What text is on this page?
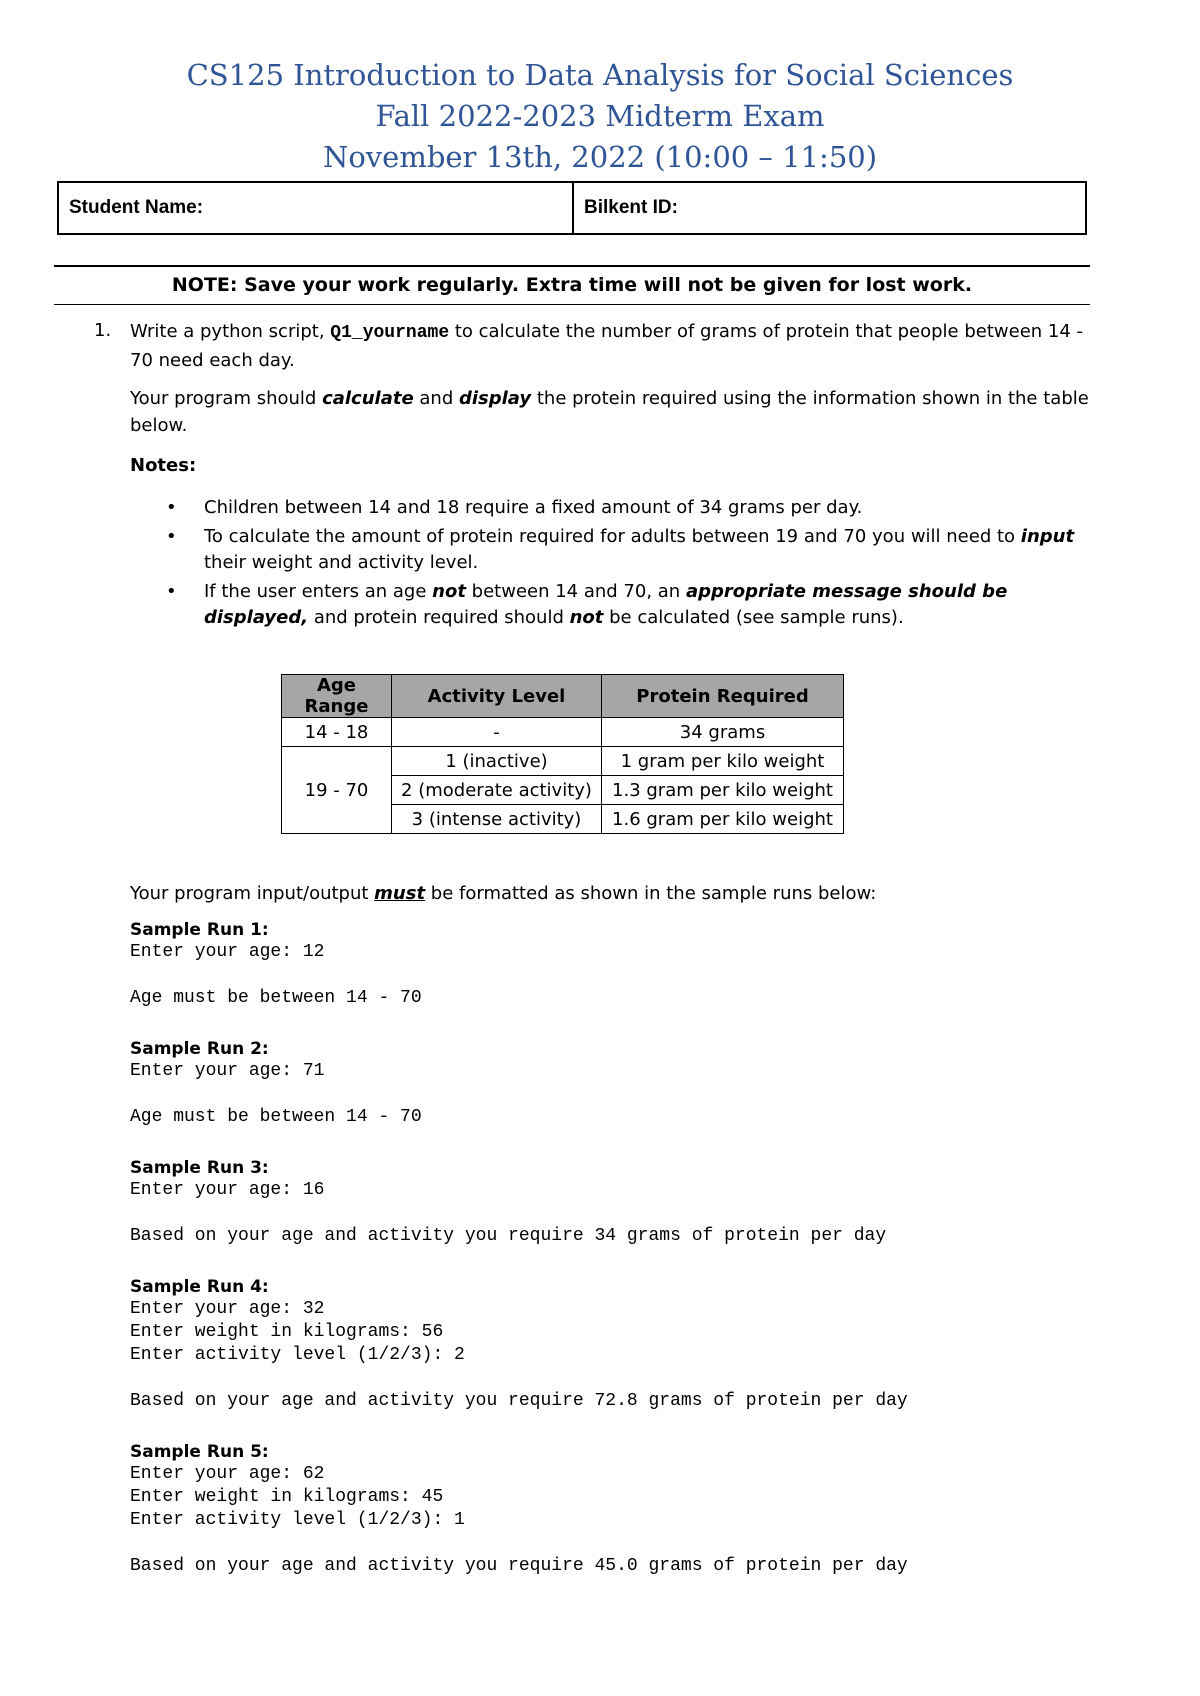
CS125 Introduction to Data Analysis for Social Sciences
Fall 2022-2023 Midterm Exam
November 13th, 2022 (10:00 – 11:50)
Student Name:	Bilkent ID:
NOTE: Save your work regularly. Extra time will not be given for lost work.
1. Write a python script, Q1_yourname to calculate the number of grams of protein that people between 14 - 70 need each day.
Your program should calculate and display the protein required using the information shown in the table below.
Notes:
• Children between 14 and 18 require a fixed amount of 34 grams per day.
• To calculate the amount of protein required for adults between 19 and 70 you will need to input their weight and activity level.
• If the user enters an age not between 14 and 70, an appropriate message should be displayed, and protein required should not be calculated (see sample runs).
Age Range	Activity Level	Protein Required
14 - 18	-	34 grams
19 - 70	1 (inactive)	1 gram per kilo weight
	2 (moderate activity)	1.3 gram per kilo weight
	3 (intense activity)	1.6 gram per kilo weight
Your program input/output must be formatted as shown in the sample runs below:
Sample Run 1:
Enter your age: 12

Age must be between 14 - 70
Sample Run 2:
Enter your age: 71

Age must be between 14 - 70
Sample Run 3:
Enter your age: 16

Based on your age and activity you require 34 grams of protein per day
Sample Run 4:
Enter your age: 32
Enter weight in kilograms: 56
Enter activity level (1/2/3): 2

Based on your age and activity you require 72.8 grams of protein per day
Sample Run 5:
Enter your age: 62
Enter weight in kilograms: 45
Enter activity level (1/2/3): 1

Based on your age and activity you require 45.0 grams of protein per day
